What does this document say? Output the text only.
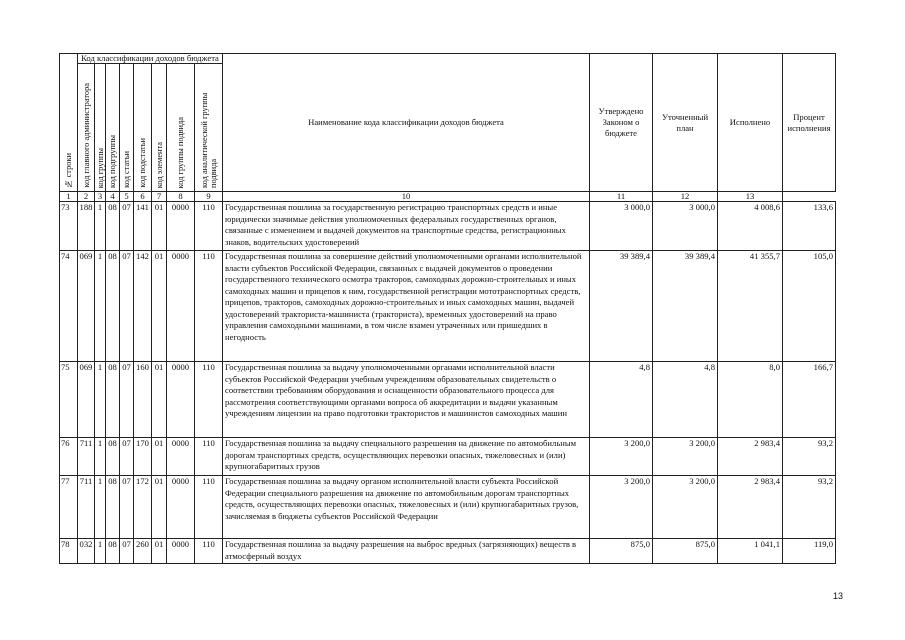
№ строки	Код классификации доходов бюджета								Наименование кода классификации доходов бюджета	Утверждено Законом о бюджете	Уточненный план	Исполнено	Процент исполнения

	код главного администратора	код группы	код подгруппы	код статьи	код подстатьи	код элемента	код группы подвида	код аналитической группы подвида					

1	2	3	4	5	6	7	8	9	10	11	12	13	
73	188	1	08	07	141	01	0000	110	Государственная пошлина за государственную регистрацию транспортных средств и иные юридически значимые действия уполномоченных федеральных государственных органов, связанные с изменением и выдачей документов на транспортные средства, регистрационных знаков, водительских удостоверений	3 000,0	3 000,0	4 008,6	133,6
74	069	1	08	07	142	01	0000	110	Государственная пошлина за совершение действий уполномоченными органами исполнительной власти субъектов Российской Федерации, связанных с выдачей документов о проведении государственного технического осмотра тракторов, самоходных дорожно-строительных и иных самоходных машин и прицепов к ним, государственной регистрации мототранспортных средств, прицепов, тракторов, самоходных дорожно-строительных и иных самоходных машин, выдачей удостоверений тракториста-машиниста (тракториста), временных удостоверений на право управления самоходными машинами, в том числе взамен утраченных или пришедших в негодность	39 389,4	39 389,4	41 355,7	105,0
75	069	1	08	07	160	01	0000	110	Государственная пошлина за выдачу уполномоченными органами исполнительной власти субъектов Российской Федерации учебным учреждениям образовательных свидетельств о соответствии требованиям оборудования и оснащенности образовательного процесса для рассмотрения соответствующими органами вопроса об аккредитации и выдачи указанным учреждениям лицензии на право подготовки трактористов и машинистов самоходных машин	4,8	4,8	8,0	166,7
76	711	1	08	07	170	01	0000	110	Государственная пошлина за выдачу специального разрешения на движение по автомобильным дорогам транспортных средств, осуществляющих перевозки опасных, тяжеловесных и (или) крупногабаритных грузов	3 200,0	3 200,0	2 983,4	93,2
77	711	1	08	07	172	01	0000	110	Государственная пошлина за выдачу органом исполнительной власти субъекта Российской Федерации специального разрешения на движение по автомобильным дорогам транспортных средств, осуществляющих перевозки опасных, тяжеловесных и (или) крупногабаритных грузов, зачисляемая в бюджеты субъектов Российской Федерации	3 200,0	3 200,0	2 983,4	93,2
78	032	1	08	07	260	01	0000	110	Государственная пошлина за выдачу разрешения на выброс вредных (загрязняющих) веществ в атмосферный воздух	875,0	875,0	1 041,1	119,0
13
